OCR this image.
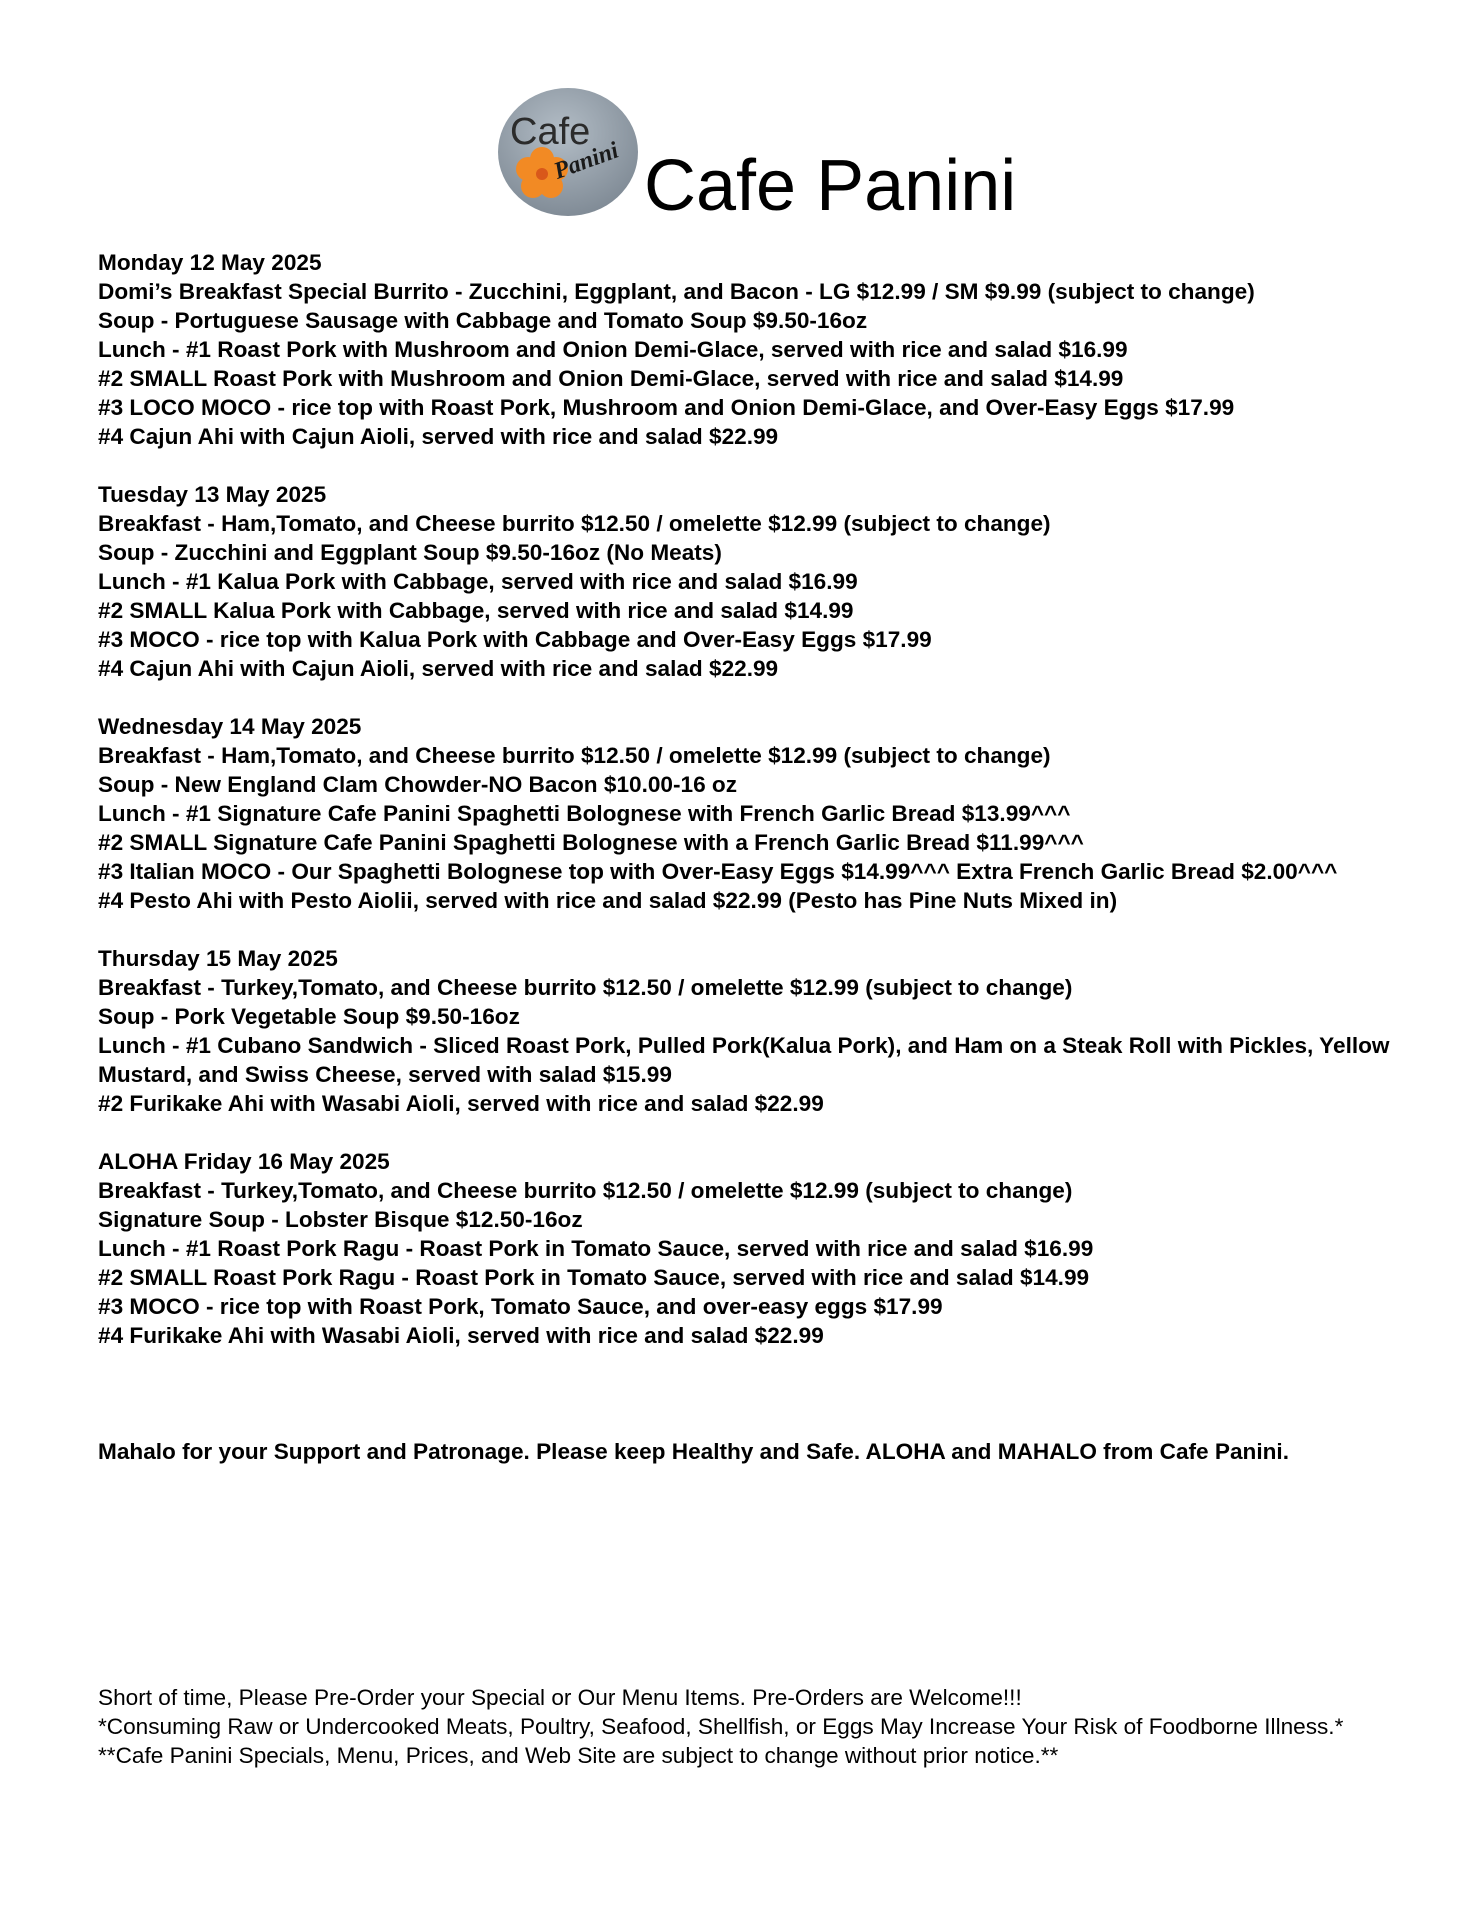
Cafe
Panini Cafe Panini
Monday 12 May 2025
Domi’s Breakfast Special Burrito - Zucchini, Eggplant, and Bacon - LG $12.99 / SM $9.99 (subject to change)
Soup - Portuguese Sausage with Cabbage and Tomato Soup $9.50-16oz
Lunch - #1 Roast Pork with Mushroom and Onion Demi-Glace, served with rice and salad $16.99
#2 SMALL Roast Pork with Mushroom and Onion Demi-Glace, served with rice and salad $14.99
#3 LOCO MOCO - rice top with Roast Pork, Mushroom and Onion Demi-Glace, and Over-Easy Eggs $17.99
#4 Cajun Ahi with Cajun Aioli, served with rice and salad $22.99
Tuesday 13 May 2025
Breakfast - Ham,Tomato, and Cheese burrito $12.50 / omelette $12.99 (subject to change)
Soup - Zucchini and Eggplant Soup $9.50-16oz (No Meats)
Lunch - #1 Kalua Pork with Cabbage, served with rice and salad $16.99
#2 SMALL Kalua Pork with Cabbage, served with rice and salad $14.99
#3 MOCO - rice top with Kalua Pork with Cabbage and Over-Easy Eggs $17.99
#4 Cajun Ahi with Cajun Aioli, served with rice and salad $22.99
Wednesday 14 May 2025
Breakfast - Ham,Tomato, and Cheese burrito $12.50 / omelette $12.99 (subject to change)
Soup - New England Clam Chowder-NO Bacon $10.00-16 oz
Lunch - #1 Signature Cafe Panini Spaghetti Bolognese with French Garlic Bread $13.99^^^
#2 SMALL Signature Cafe Panini Spaghetti Bolognese with a French Garlic Bread $11.99^^^
#3 Italian MOCO - Our Spaghetti Bolognese top with Over-Easy Eggs $14.99^^^ Extra French Garlic Bread $2.00^^^
#4 Pesto Ahi with Pesto Aiolii, served with rice and salad $22.99 (Pesto has Pine Nuts Mixed in)
Thursday 15 May 2025
Breakfast - Turkey,Tomato, and Cheese burrito $12.50 / omelette $12.99 (subject to change)
Soup - Pork Vegetable Soup $9.50-16oz
Lunch - #1 Cubano Sandwich - Sliced Roast Pork, Pulled Pork(Kalua Pork), and Ham on a Steak Roll with Pickles, Yellow Mustard, and Swiss Cheese, served with salad $15.99
#2 Furikake Ahi with Wasabi Aioli, served with rice and salad $22.99
ALOHA Friday 16 May 2025
Breakfast - Turkey,Tomato, and Cheese burrito $12.50 / omelette $12.99 (subject to change)
Signature Soup - Lobster Bisque $12.50-16oz
Lunch - #1 Roast Pork Ragu - Roast Pork in Tomato Sauce, served with rice and salad $16.99
#2 SMALL Roast Pork Ragu - Roast Pork in Tomato Sauce, served with rice and salad $14.99
#3 MOCO - rice top with Roast Pork, Tomato Sauce, and over-easy eggs $17.99
#4 Furikake Ahi with Wasabi Aioli, served with rice and salad $22.99
Mahalo for your Support and Patronage. Please keep Healthy and Safe. ALOHA and MAHALO from Cafe Panini.
Short of time, Please Pre-Order your Special or Our Menu Items. Pre-Orders are Welcome!!!
*Consuming Raw or Undercooked Meats, Poultry, Seafood, Shellfish, or Eggs May Increase Your Risk of Foodborne Illness.*
**Cafe Panini Specials, Menu, Prices, and Web Site are subject to change without prior notice.**
